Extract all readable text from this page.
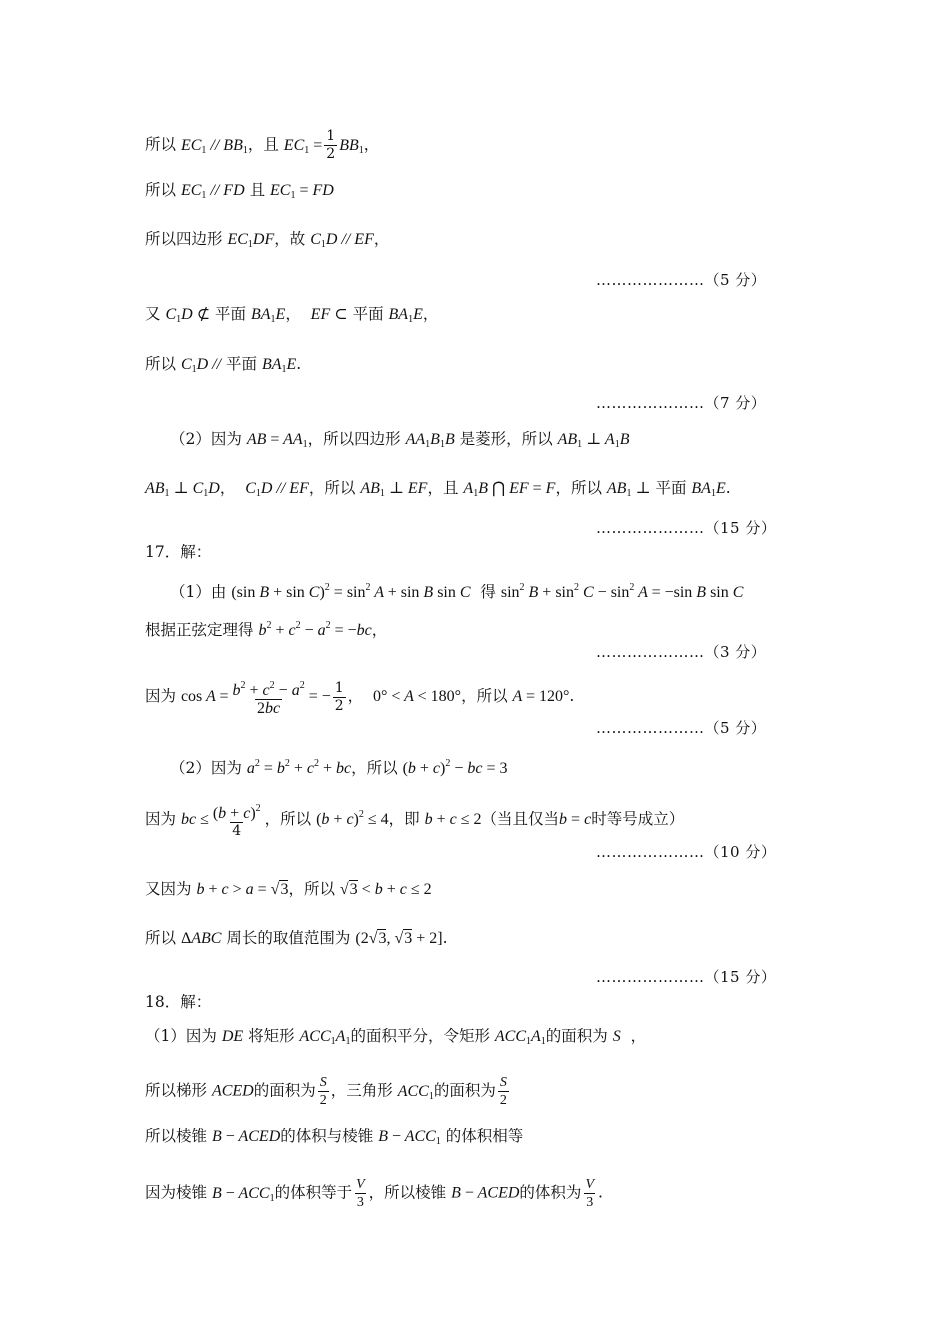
所以 $EC_1 // BB_1$，且 $EC_1 = \frac{1}{2} BB_1$，
所以 $EC_1$ // FD 且 $EC_1$ = FD
所以四边形 $EC_1DF$，故 $C_1D$ // EF，
…………………（5 分）
又 $C_1D$ ⊄ 平面 $BA_1E$，  EF ⊂ 平面 $BA_1E$，
所以 $C_1D$ // 平面 $BA_1E$.
…………………（7 分）
（2）因为 AB = $AA_1$，所以四边形 $AA_1B_1B$ 是菱形，所以 $AB_1$ ⊥ $A_1B$
$AB_1$ ⊥ $C_1D$，  $C_1D$ // EF，所以 $AB_1$ ⊥ EF，且 $A_1B$ ⋂ EF = F，所以 $AB_1$ ⊥ 平面 $BA_1E$.
…………………（15 分）
17．解：
（1）由 (sin $B + \sin C)^2 = \sin^2 A + \sin B$ sin C 得 $\sin^2 B + \sin^2 C - \sin^2 A = -\sin$ B sin C
根据正弦定理得 $b^2 + c^2 - a^2 = -bc$，
…………………（3 分）
因为 $\cos A = \frac{b^2 + c^2 - a^2}{2bc}$ = − $\frac{1}{2}$ ，  0° < A < 180°，所以 A = 120°.
…………………（5 分）
（2）因为 $a^2 = b^2 + c^2$ + bc，所以 $(b + c)^2$ − bc = 3
因为 bc ≤ $\frac{(b + c)^2}{4}$ ，所以 $(b + c)^2 \le 4$，即 b + c ≤ 2（当且仅当b = c时等号成立）
…………………（10 分）
又因为 b + c > a = √3，所以 √3 < b + c ≤ 2
所以 ΔABC 周长的取值范围为 (2√3, √3 + 2].
…………………（15 分）
18．解：
（1）因为 DE 将矩形 $ACC_1A_1$的面积平分，令矩形 $ACC_1A_1$的面积为 S  ，
所以梯形 ACED的面积为 $\frac{S}{2}$ ，三角形 $ACC_1$的面积为 $\frac{S}{2}$
所以棱锥 B − ACED的体积与棱锥 $B - ACC_1$ 的体积相等
因为棱锥 $B - ACC_1$的体积等于 $\frac{V}{3}$ ，所以棱锥 B − ACED的体积为 $\frac{V}{3}$ .
